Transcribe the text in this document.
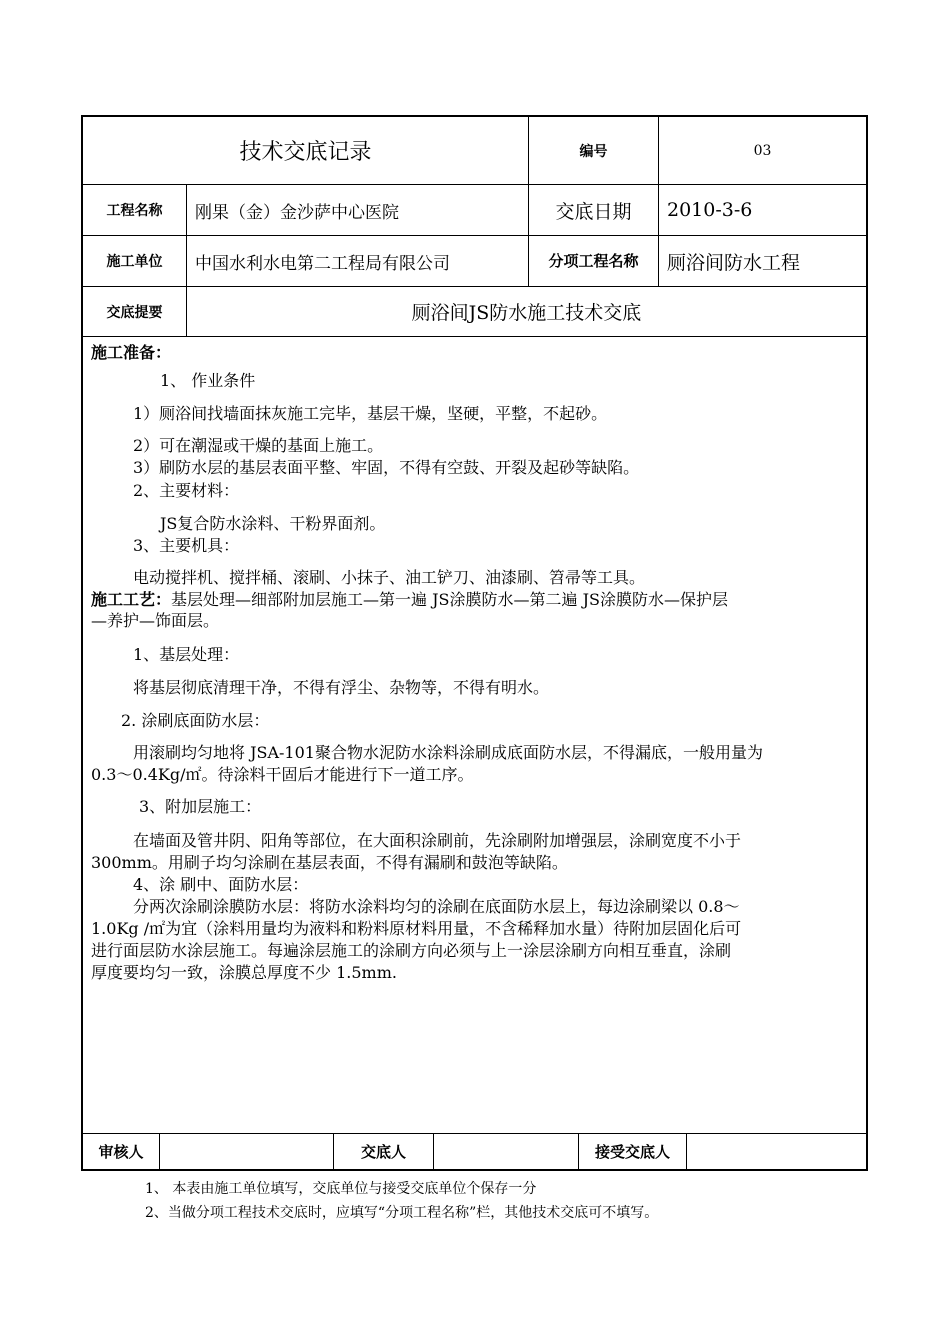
技术交底记录	编号	03
工程名称	刚果（金）金沙萨中心医院	交底日期	2010-3-6
施工单位	中国水利水电第二工程局有限公司	分项工程名称	厕浴间防水工程
交底提要	厕浴间JS防水施工技术交底
施工准备：
1、 作业条件
1）厕浴间找墙面抹灰施工完毕，基层干燥，坚硬，平整，不起砂。
2）可在潮湿或干燥的基面上施工。
3）刷防水层的基层表面平整、牢固，不得有空鼓、开裂及起砂等缺陷。
2、主要材料：
JS复合防水涂料、干粉界面剂。
3、主要机具：
电动搅拌机、搅拌桶、滚刷、小抹子、油工铲刀、油漆刷、笤帚等工具。
施工工艺：基层处理—细部附加层施工—第一遍 JS涂膜防水—第二遍 JS涂膜防水—保护层
—养护—饰面层。
1、基层处理：
将基层彻底清理干净，不得有浮尘、杂物等，不得有明水。
2. 涂刷底面防水层：
用滚刷均匀地将 JSA-101聚合物水泥防水涂料涂刷成底面防水层，不得漏底，一般用量为
0.3～0.4Kg/㎡。待涂料干固后才能进行下一道工序。
3、附加层施工：
在墙面及管井阴、阳角等部位，在大面积涂刷前，先涂刷附加增强层，涂刷宽度不小于
300mm。用刷子均匀涂刷在基层表面，不得有漏刷和鼓泡等缺陷。
4、涂 刷中、面防水层：
分两次涂刷涂膜防水层：将防水涂料均匀的涂刷在底面防水层上，每边涂刷梁以 0.8～
1.0Kg /㎡为宜（涂料用量均为液料和粉料原材料用量，不含稀释加水量）待附加层固化后可
进行面层防水涂层施工。每遍涂层施工的涂刷方向必须与上一涂层涂刷方向相互垂直，涂刷
厚度要均匀一致，涂膜总厚度不少 1.5mm.
审核人	交底人	接受交底人
1、 本表由施工单位填写，交底单位与接受交底单位个保存一分
2、当做分项工程技术交底时，应填写“分项工程名称”栏，其他技术交底可不填写。
